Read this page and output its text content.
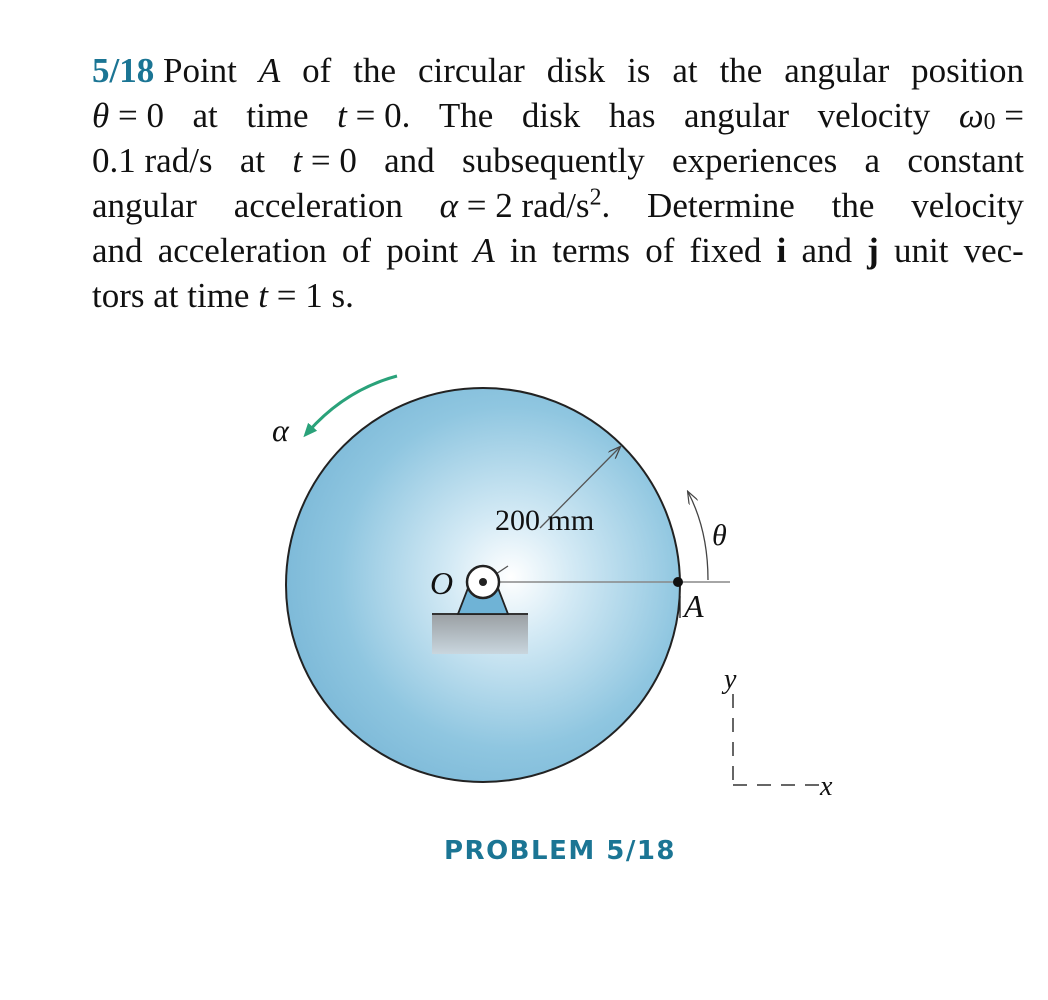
5/18 Point A of the circular disk is at the angular position
θ = 0 at time t = 0. The disk has angular velocity $\omega_0$ =
0.1 rad/s at t = 0 and subsequently experiences a constant
angular acceleration α = 2 rad/$s^2$. Determine the velocity
and acceleration of point A in terms of fixed i and j unit vec-
tors at time t = 1 s.
200 mm
O
A
θ
α
y
x
PROBLEM 5/18
